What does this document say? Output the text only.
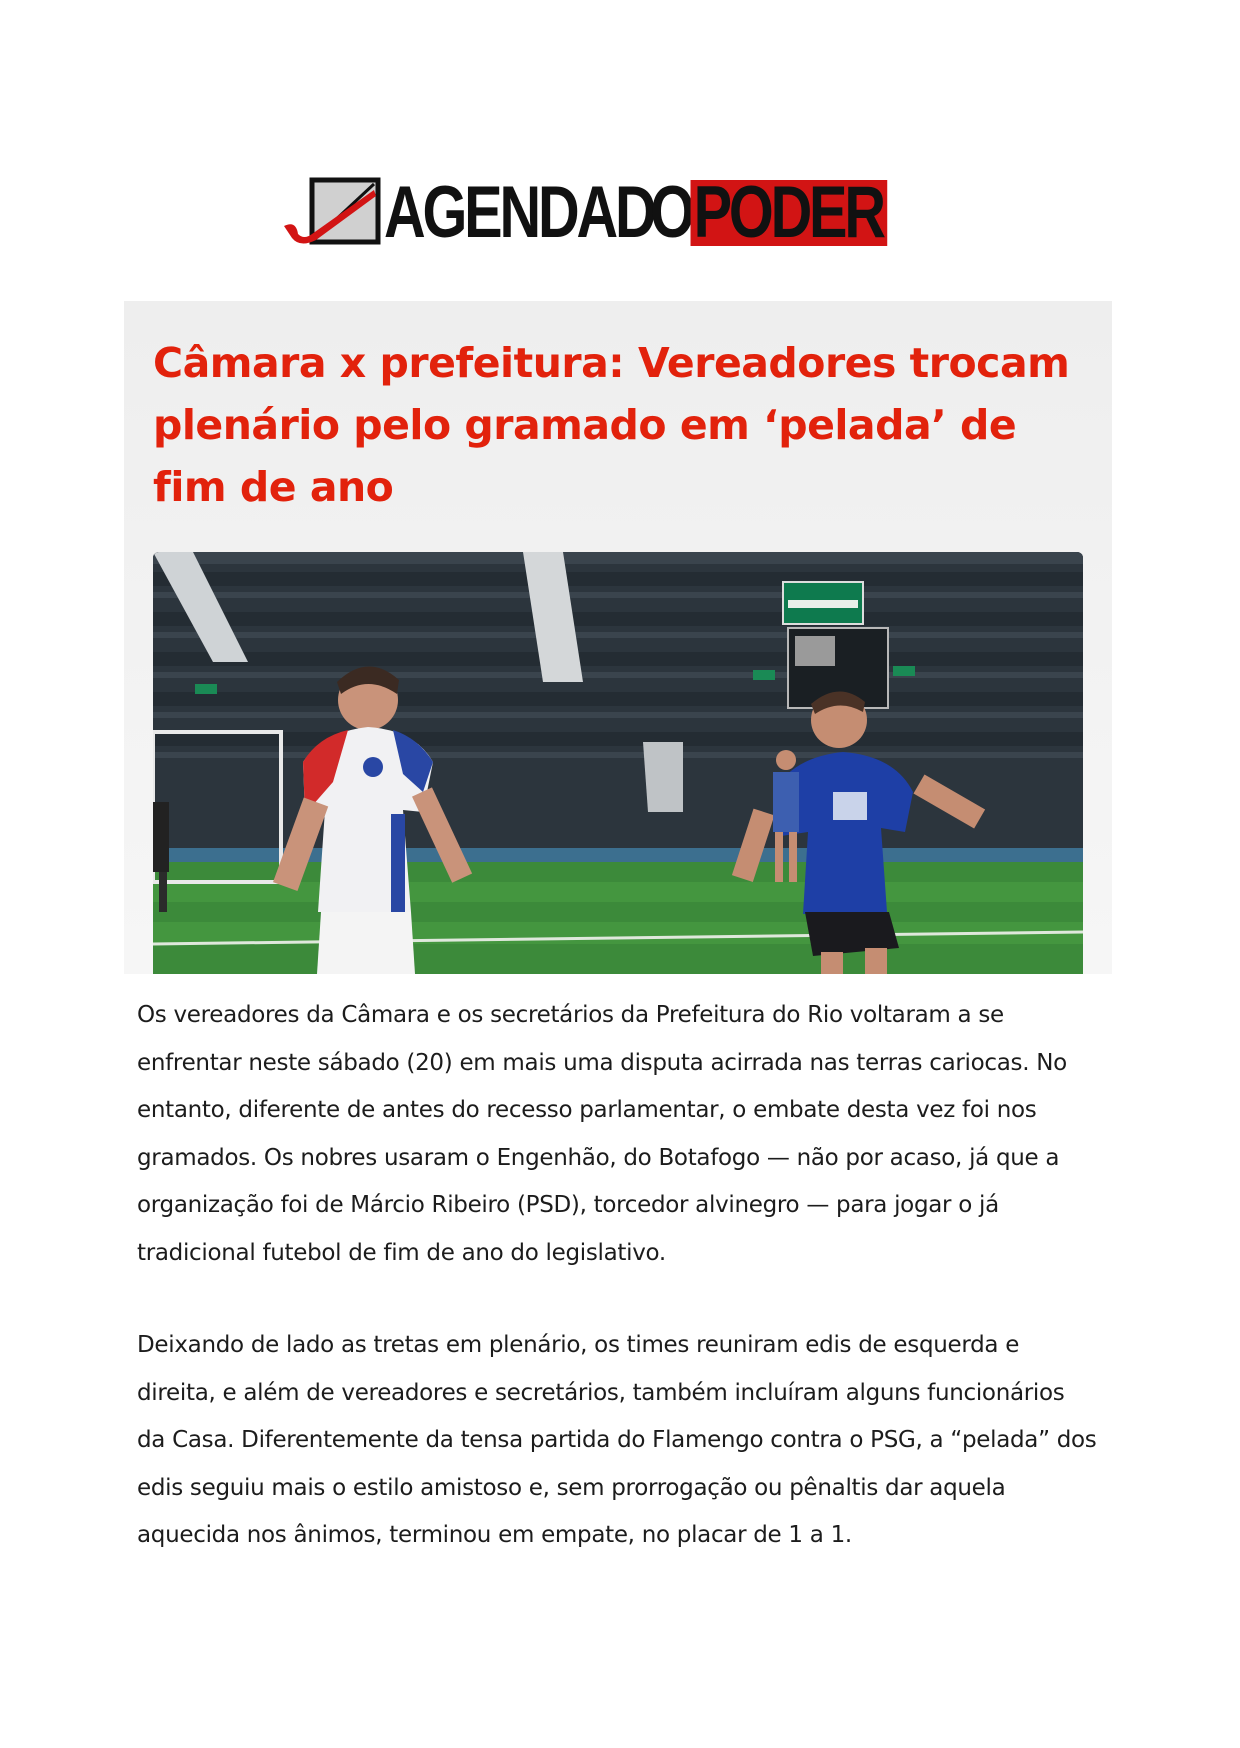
AGENDA DO PODER
Câmara x prefeitura: Vereadores trocam plenário pelo gramado em ‘pelada’ de fim de ano

Os vereadores da Câmara e os secretários da Prefeitura do Rio voltaram a se enfrentar neste sábado (20) em mais uma disputa acirrada nas terras cariocas. No entanto, diferente de antes do recesso parlamentar, o embate desta vez foi nos gramados. Os nobres usaram o Engenhão, do Botafogo — não por acaso, já que a organização foi de Márcio Ribeiro (PSD), torcedor alvinegro — para jogar o já tradicional futebol de fim de ano do legislativo.

Deixando de lado as tretas em plenário, os times reuniram edis de esquerda e direita, e além de vereadores e secretários, também incluíram alguns funcionários da Casa. Diferentemente da tensa partida do Flamengo contra o PSG, a “pelada” dos edis seguiu mais o estilo amistoso e, sem prorrogação ou pênaltis dar aquela aquecida nos ânimos, terminou em empate, no placar de 1 a 1.
